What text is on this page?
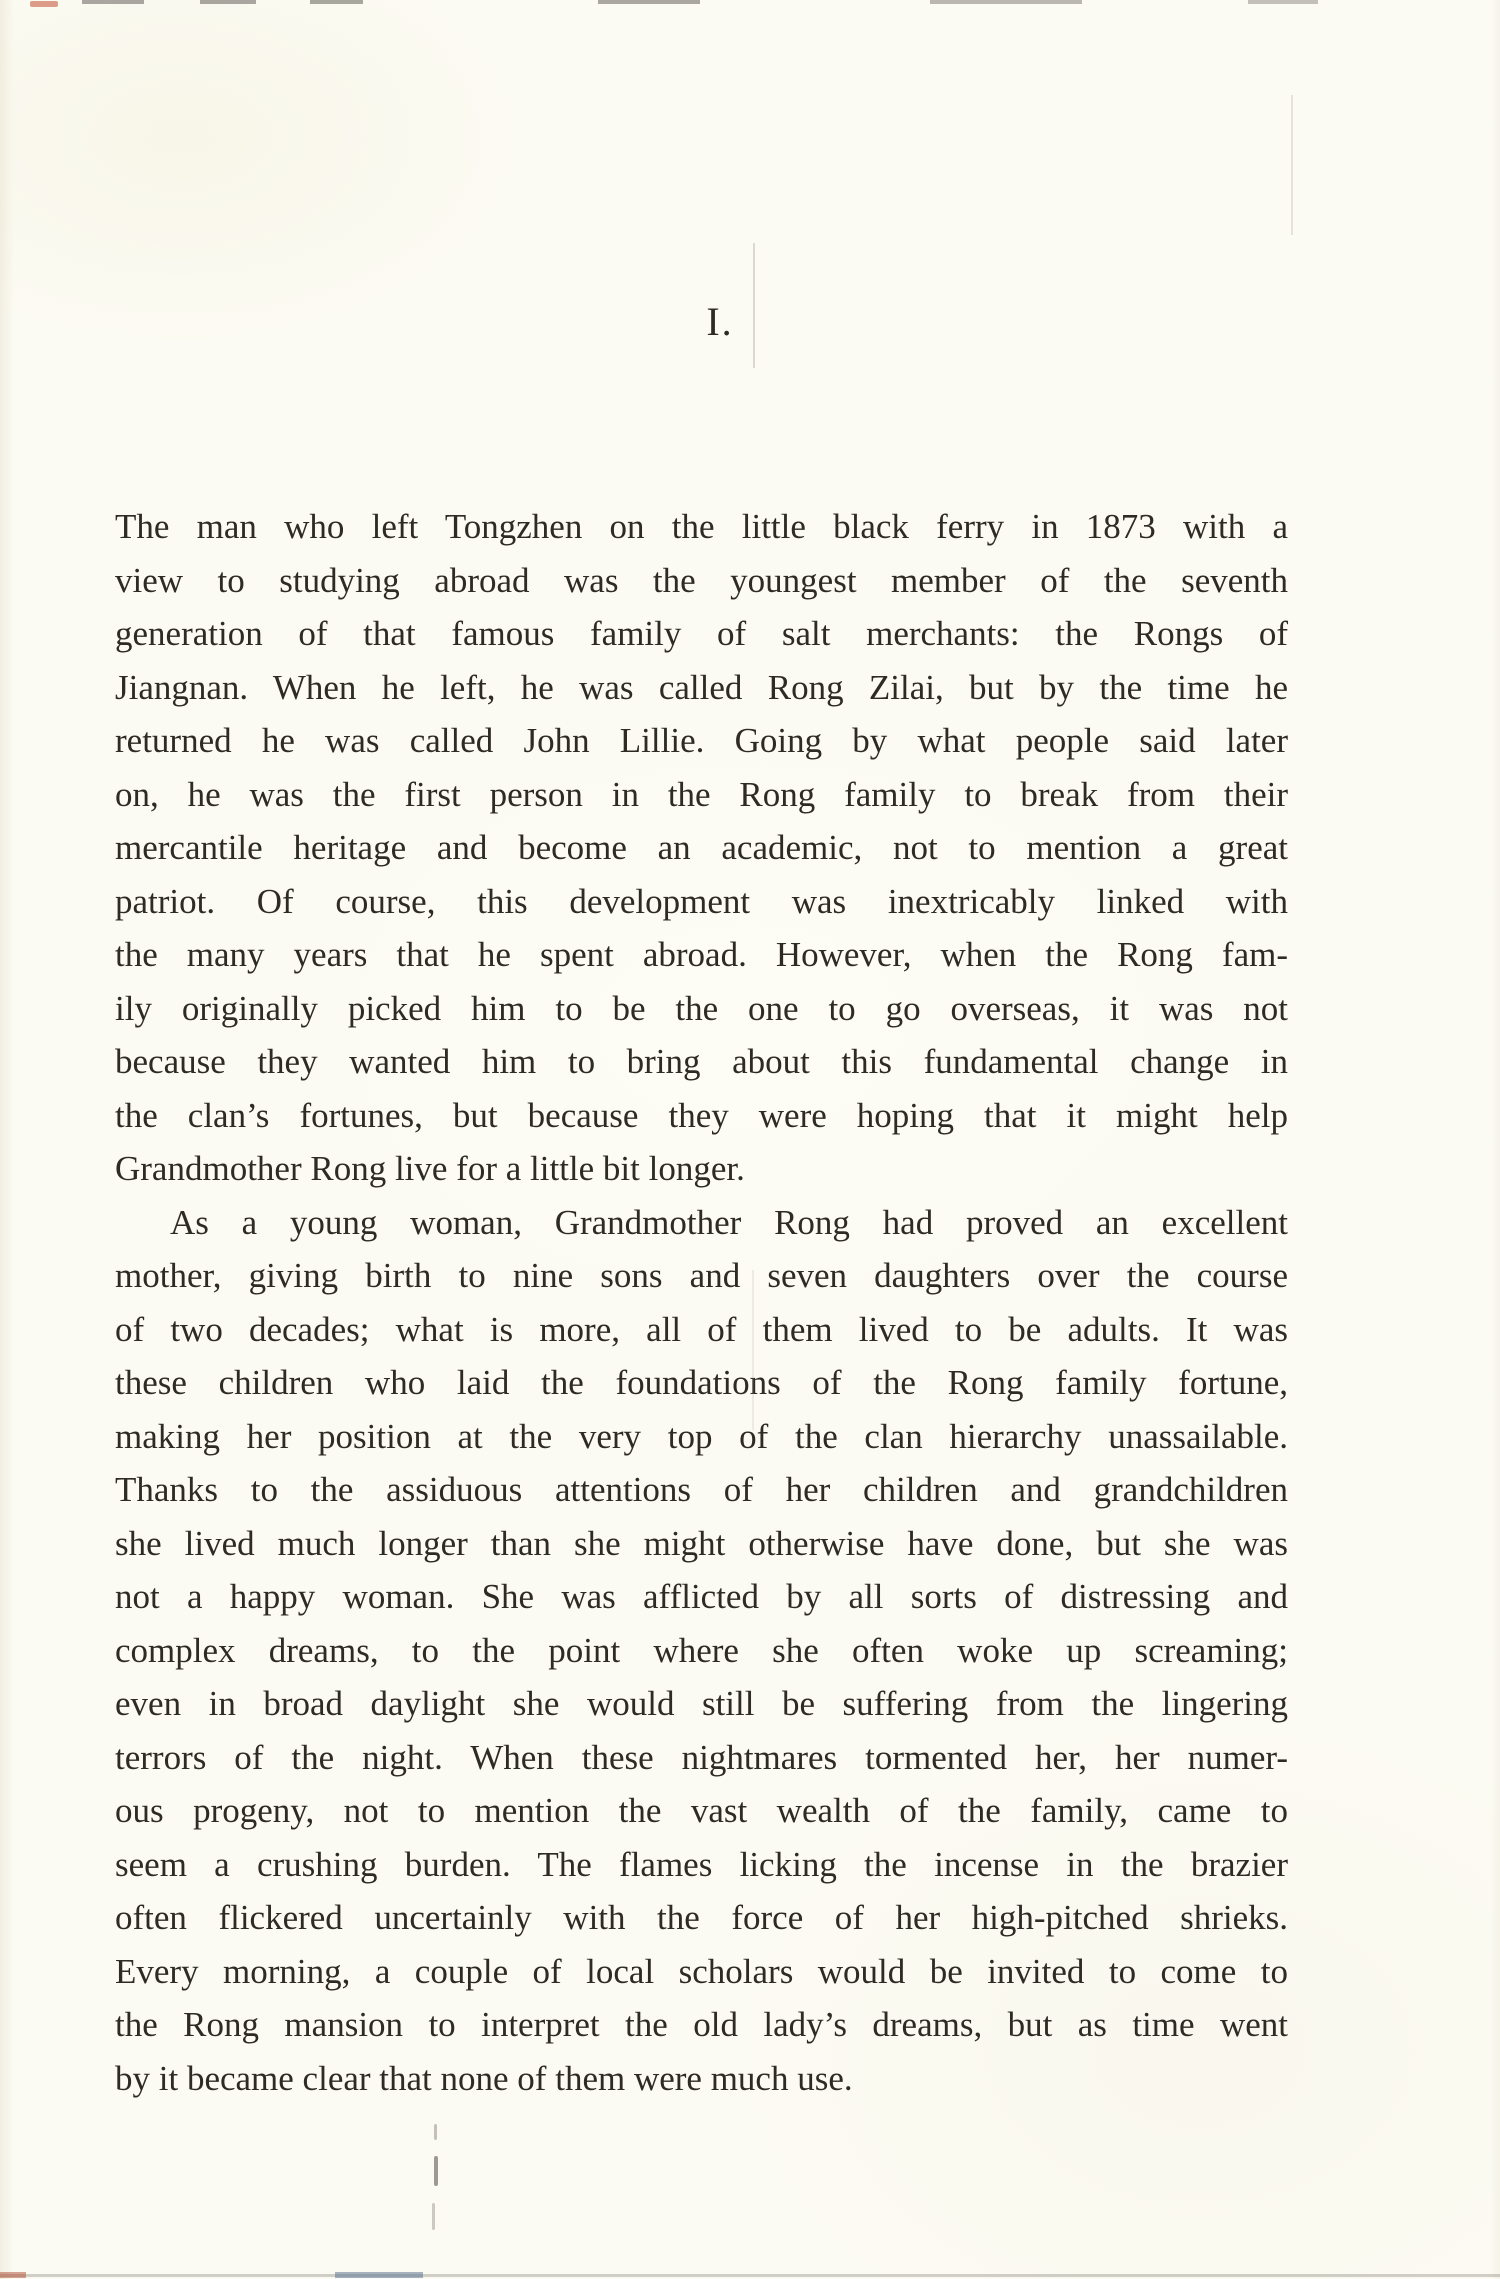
I.
The man who left Tongzhen on the little black ferry in 1873 with a
view to studying abroad was the youngest member of the seventh
generation of that famous family of salt merchants: the Rongs of
Jiangnan. When he left, he was called Rong Zilai, but by the time he
returned he was called John Lillie. Going by what people said later
on, he was the first person in the Rong family to break from their
mercantile heritage and become an academic, not to mention a great
patriot. Of course, this development was inextricably linked with
the many years that he spent abroad. However, when the Rong fam-
ily originally picked him to be the one to go overseas, it was not
because they wanted him to bring about this fundamental change in
the clan’s fortunes, but because they were hoping that it might help
Grandmother Rong live for a little bit longer.
As a young woman, Grandmother Rong had proved an excellent
mother, giving birth to nine sons and seven daughters over the course
of two decades; what is more, all of them lived to be adults. It was
these children who laid the foundations of the Rong family fortune,
making her position at the very top of the clan hierarchy unassailable.
Thanks to the assiduous attentions of her children and grandchildren
she lived much longer than she might otherwise have done, but she was
not a happy woman. She was afflicted by all sorts of distressing and
complex dreams, to the point where she often woke up screaming;
even in broad daylight she would still be suffering from the lingering
terrors of the night. When these nightmares tormented her, her numer-
ous progeny, not to mention the vast wealth of the family, came to
seem a crushing burden. The flames licking the incense in the brazier
often flickered uncertainly with the force of her high-pitched shrieks.
Every morning, a couple of local scholars would be invited to come to
the Rong mansion to interpret the old lady’s dreams, but as time went
by it became clear that none of them were much use.
